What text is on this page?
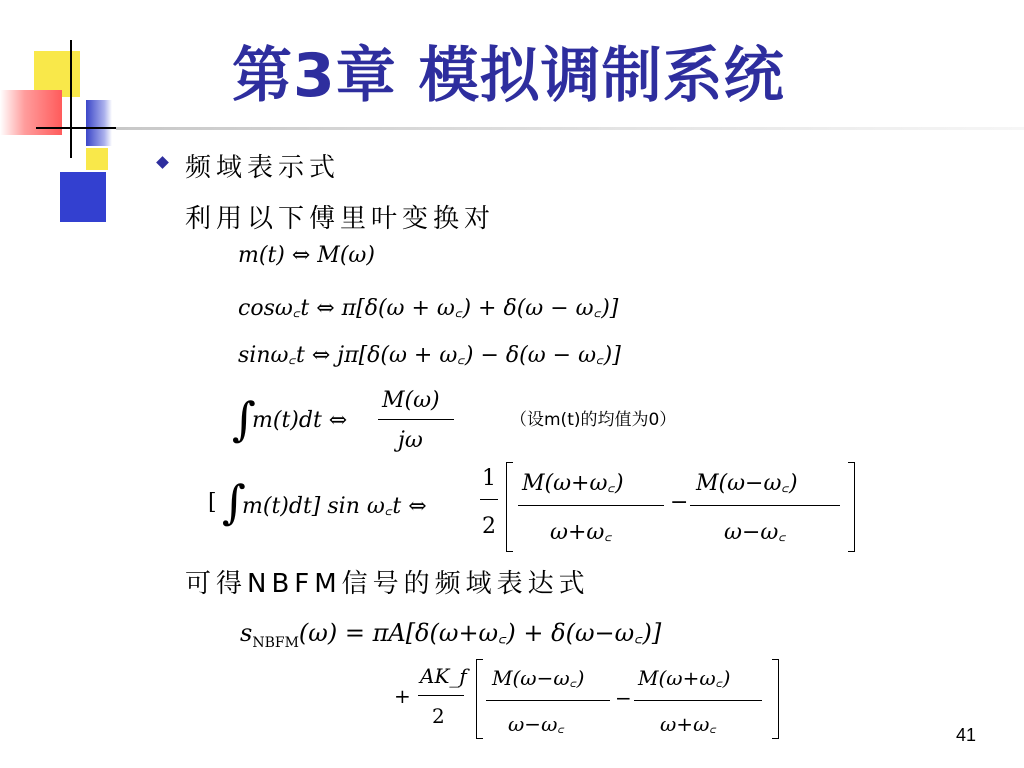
第3章 模拟调制系统
频域表示式
利用以下傅里叶变换对
m(t) ⇔ M(ω)
cosω꜀t ⇔ π[δ(ω + ω꜀) + δ(ω − ω꜀)]
sinω꜀t ⇔ jπ[δ(ω + ω꜀) − δ(ω − ω꜀)]
∫
m(t)dt ⇔
M(ω)
jω
（设m(t)的均值为0）
[ ∫
m(t)dt] sin ω꜀t ⇔
1
2
M(ω+ω꜀)
ω+ω꜀
−
M(ω−ω꜀)
ω−ω꜀
可得NBFM信号的频域表达式
$s_{NBFM}(\omega)$ = πA[δ(ω+ω꜀) + δ(ω−ω꜀)]
+
AK_f
2
M(ω−ω꜀)
ω−ω꜀
−
M(ω+ω꜀)
ω+ω꜀	41
